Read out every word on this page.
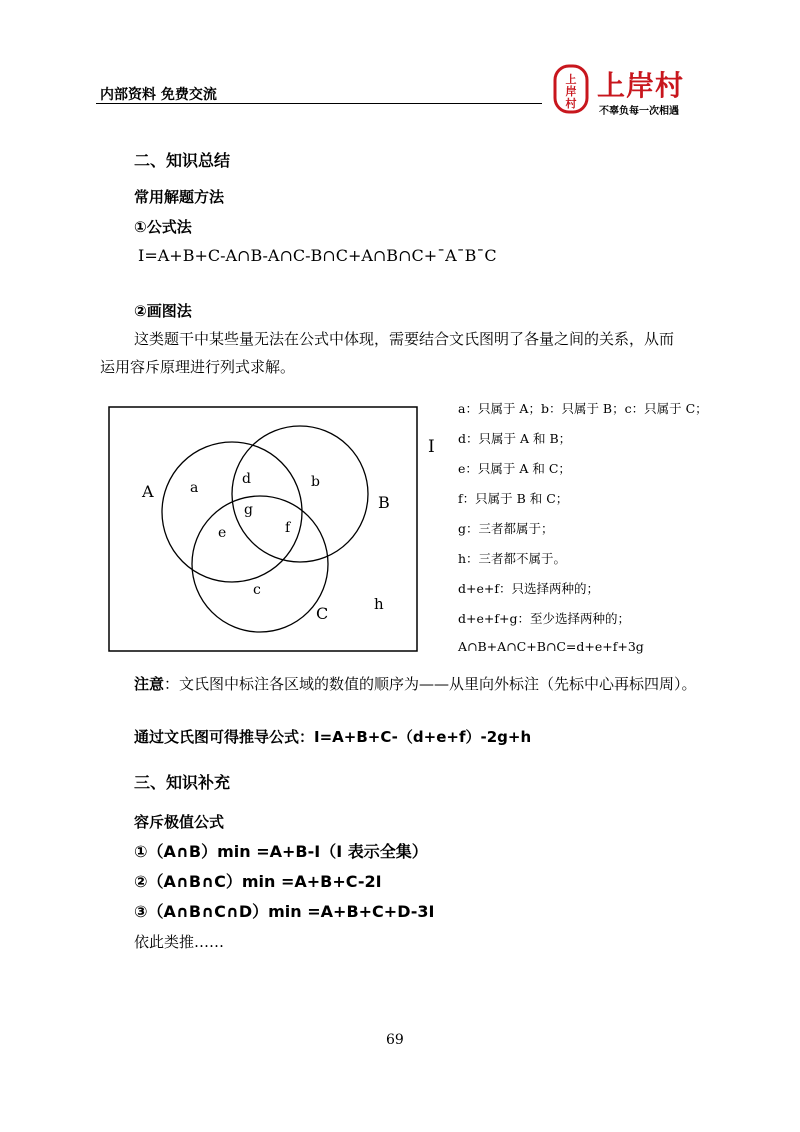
内部资料 免费交流
上
岸
村
上岸村
不辜负每一次相遇
二、知识总结
常用解题方法
①公式法
I=A+B+C-A∩B-A∩C-B∩C+A∩B∩C+¯A¯B¯C
②画图法
这类题干中某些量无法在公式中体现，需要结合文氏图明了各量之间的关系，从而
运用容斥原理进行列式求解。
I
A
B
C
a	b
c
d
e	f
g
h
a：只属于 A；b：只属于 B；c：只属于 C；
d：只属于 A 和 B；
e：只属于 A 和 C；
f：只属于 B 和 C；
g：三者都属于；
h：三者都不属于。
d+e+f：只选择两种的；
d+e+f+g：至少选择两种的；
A∩B+A∩C+B∩C=d+e+f+3g
注意：文氏图中标注各区域的数值的顺序为——从里向外标注（先标中心再标四周）。
通过文氏图可得推导公式：I=A+B+C-（d+e+f）-2g+h
三、知识补充
容斥极值公式
①（A∩B）min =A+B-I（I 表示全集）
②（A∩B∩C）min =A+B+C-2I
③（A∩B∩C∩D）min =A+B+C+D-3I
依此类推……
69
